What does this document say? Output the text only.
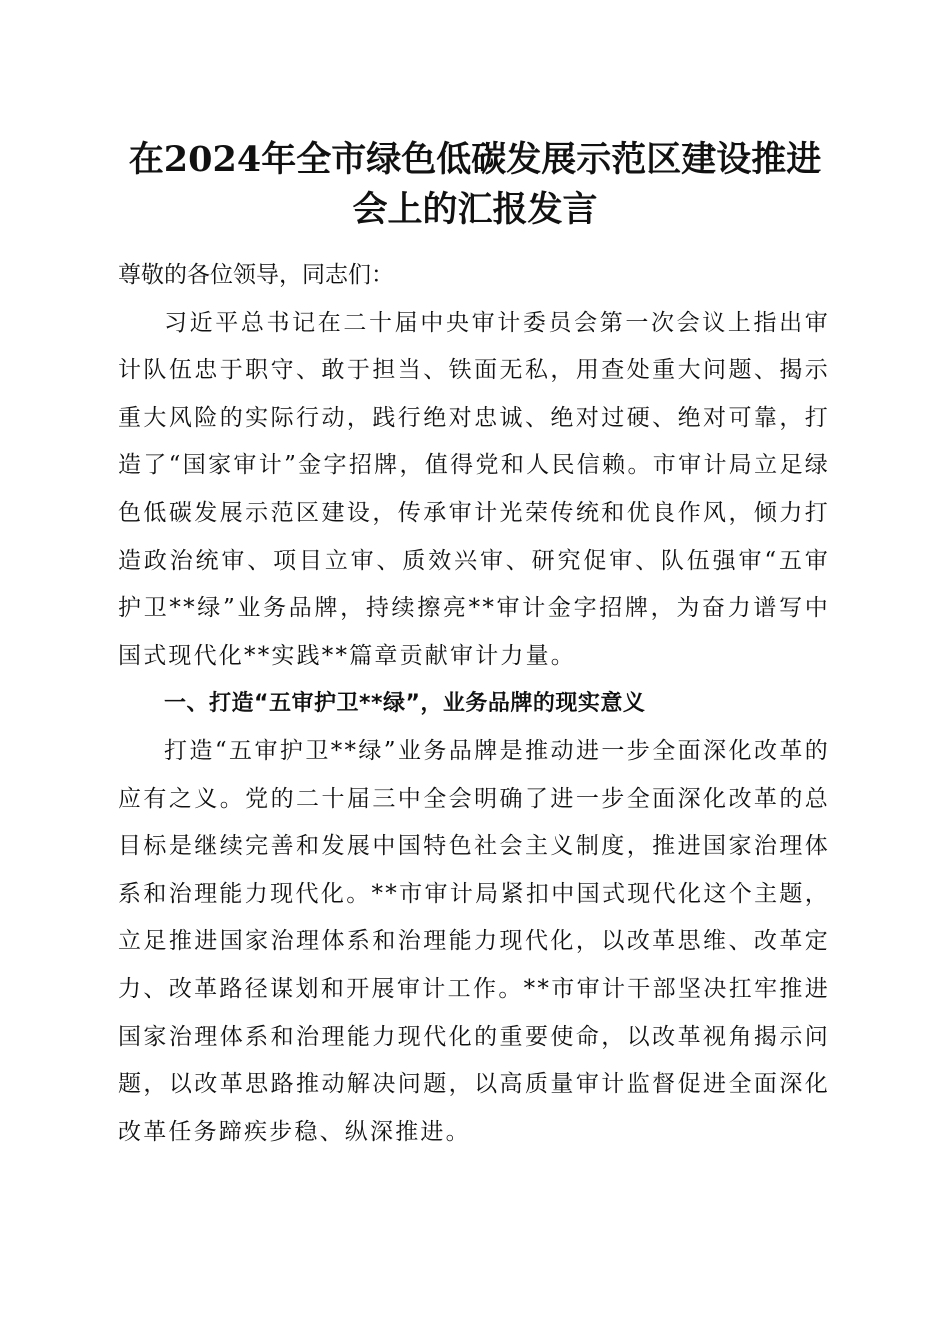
在2024年全市绿色低碳发展示范区建设推进
会上的汇报发言

尊敬的各位领导，同志们：

习近平总书记在二十届中央审计委员会第一次会议上指出审计队伍忠于职守、敢于担当、铁面无私，用查处重大问题、揭示重大风险的实际行动，践行绝对忠诚、绝对过硬、绝对可靠，打造了“国家审计”金字招牌，值得党和人民信赖。市审计局立足绿色低碳发展示范区建设，传承审计光荣传统和优良作风，倾力打造政治统审、项目立审、质效兴审、研究促审、队伍强审“五审护卫**绿”业务品牌，持续擦亮**审计金字招牌，为奋力谱写中国式现代化**实践**篇章贡献审计力量。

一、打造“五审护卫**绿”，业务品牌的现实意义

打造“五审护卫**绿”业务品牌是推动进一步全面深化改革的应有之义。党的二十届三中全会明确了进一步全面深化改革的总目标是继续完善和发展中国特色社会主义制度，推进国家治理体系和治理能力现代化。**市审计局紧扣中国式现代化这个主题，立足推进国家治理体系和治理能力现代化，以改革思维、改革定力、改革路径谋划和开展审计工作。**市审计干部坚决扛牢推进国家治理体系和治理能力现代化的重要使命，以改革视角揭示问题，以改革思路推动解决问题，以高质量审计监督促进全面深化改革任务蹄疾步稳、纵深推进。
